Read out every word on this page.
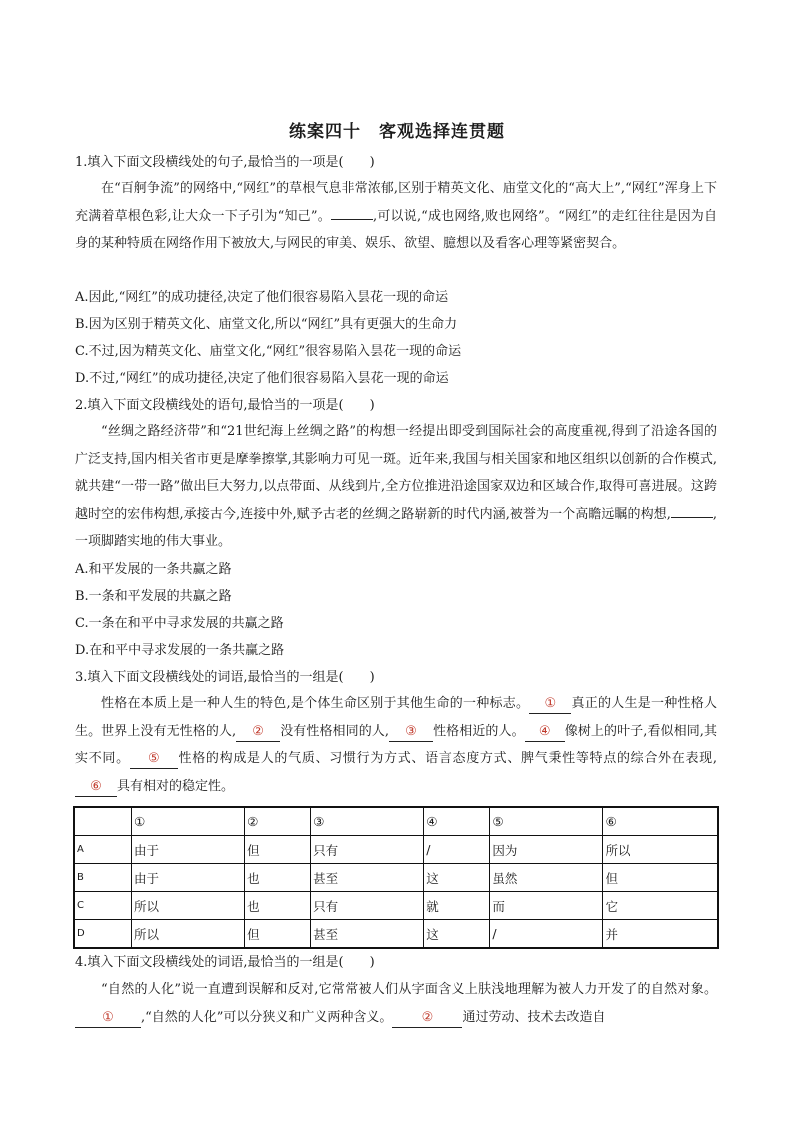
练案四十　客观选择连贯题
1.填入下面文段横线处的句子,最恰当的一项是(　　)
在“百舸争流”的网络中,“网红”的草根气息非常浓郁,区别于精英文化、庙堂文化的“高大上”,“网红”浑身上下充满着草根色彩,让大众一下子引为“知己”。	,可以说,“成也网络,败也网络”。“网红”的走红往往是因为自身的某种特质在网络作用下被放大,与网民的审美、娱乐、欲望、臆想以及看客心理等紧密契合。
A.因此,“网红”的成功捷径,决定了他们很容易陷入昙花一现的命运
B.因为区别于精英文化、庙堂文化,所以“网红”具有更强大的生命力
C.不过,因为精英文化、庙堂文化,“网红”很容易陷入昙花一现的命运
D.不过,“网红”的成功捷径,决定了他们很容易陷入昙花一现的命运
2.填入下面文段横线处的语句,最恰当的一项是(　　)
“丝绸之路经济带”和“21世纪海上丝绸之路”的构想一经提出即受到国际社会的高度重视,得到了沿途各国的广泛支持,国内相关省市更是摩拳擦掌,其影响力可见一斑。近年来,我国与相关国家和地区组织以创新的合作模式,就共建“一带一路”做出巨大努力,以点带面、从线到片,全方位推进沿途国家双边和区域合作,取得可喜进展。这跨越时空的宏伟构想,承接古今,连接中外,赋予古老的丝绸之路崭新的时代内涵,被誉为一个高瞻远瞩的构想,	,一项脚踏实地的伟大事业。
A.和平发展的一条共赢之路
B.一条和平发展的共赢之路
C.一条在和平中寻求发展的共赢之路
D.在和平中寻求发展的一条共赢之路
3.填入下面文段横线处的词语,最恰当的一组是(　　)
性格在本质上是一种人生的特色,是个体生命区别于其他生命的一种标志。 ① 真正的人生是一种性格人生。世界上没有无性格的人, ② 没有性格相同的人, ③ 性格相近的人。 ④ 像树上的叶子,看似相同,其实不同。 ⑤ 性格的构成是人的气质、习惯行为方式、语言态度方式、脾气秉性等特点的综合外在表现,⑥ 具有相对的稳定性。
	①	②	③	④	⑤	⑥
A	由于	但	只有	/	因为	所以
B	由于	也	甚至	这	虽然	但
C	所以	也	只有	就	而	它
D	所以	但	甚至	这	/	并
4.填入下面文段横线处的词语,最恰当的一组是(　　)
“自然的人化”说一直遭到误解和反对,它常常被人们从字面含义上肤浅地理解为被人力开发了的自然对象。① ,“自然的人化”可以分狭义和广义两种含义。 ② 通过劳动、技术去改造自
